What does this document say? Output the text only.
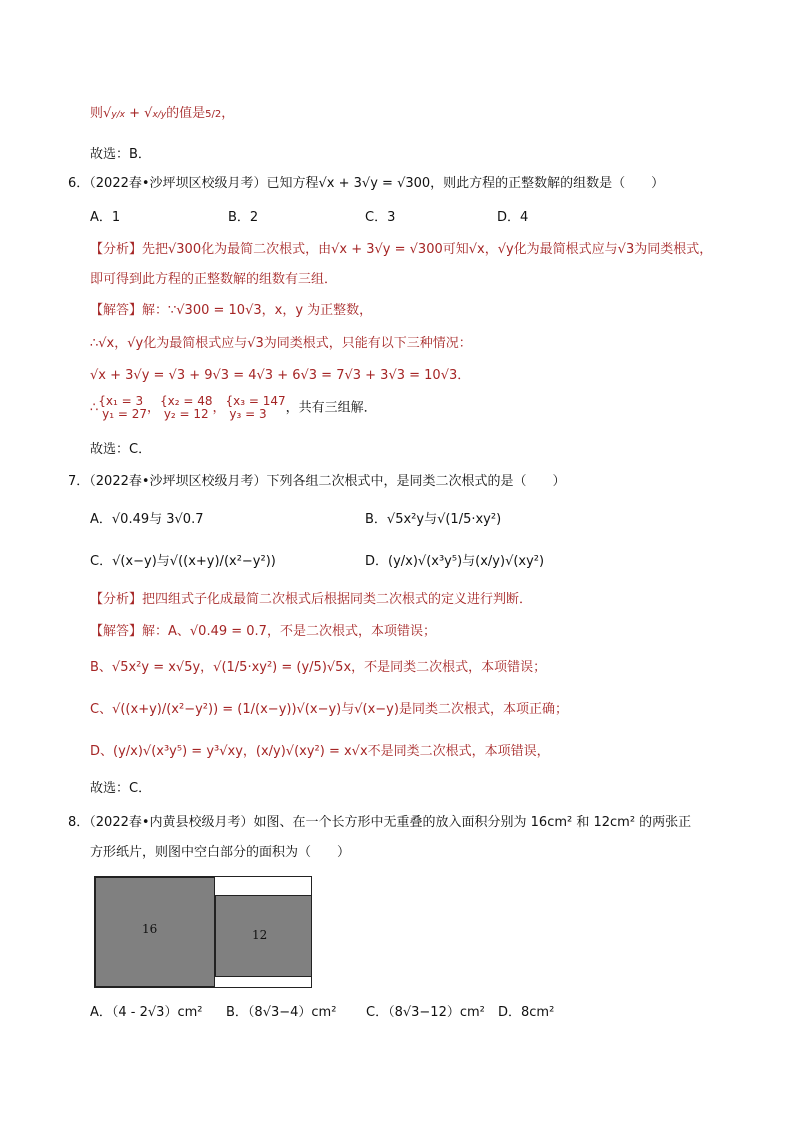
则√y/x + √x/y的值是5/2，
故选：B．
6．（2022春•沙坪坝区校级月考）已知方程√x + 3√y = √300，则此方程的正整数解的组数是（　　）
A．1	B．2	C．3	D．4
【分析】先把√300化为最简二次根式，由√x + 3√y = √300可知√x，√y化为最简根式应与√3为同类根式，
即可得到此方程的正整数解的组数有三组．
【解答】解：∵√300 = 10√3，x，y 为正整数，
∴√x，√y化为最简根式应与√3为同类根式，只能有以下三种情况：
√x + 3√y = √3 + 9√3 = 4√3 + 6√3 = 7√3 + 3√3 = 10√3．
∴{x₁ = 3
y₁ = 27，{x₂ = 48
y₂ = 12 ，{x₃ = 147
y₃ = 3 ，共有三组解．
故选：C．
7．（2022春•沙坪坝区校级月考）下列各组二次根式中，是同类二次根式的是（　　）
A．√0.49与 3√0.7	B．√5x²y与√(1/5·xy²)
C．√(x−y)与√((x+y)/(x²−y²))	D．(y/x)√(x³y⁵)与(x/y)√(xy²)
【分析】把四组式子化成最简二次根式后根据同类二次根式的定义进行判断．
【解答】解：A、√0.49 = 0.7，不是二次根式，本项错误；
B、√5x²y = x√5y，√(1/5·xy²) = (y/5)√5x，不是同类二次根式，本项错误；
C、√((x+y)/(x²−y²)) = (1/(x−y))√(x−y)与√(x−y)是同类二次根式，本项正确；
D、(y/x)√(x³y⁵) = y³√xy，(x/y)√(xy²) = x√x不是同类二次根式，本项错误，
故选：C．
8．（2022春•内黄县校级月考）如图、在一个长方形中无重叠的放入面积分别为 16cm² 和 12cm² 的两张正
方形纸片，则图中空白部分的面积为（　　）
16	12
A．（4 - 2√3）cm² B．（8√3−4）cm² C．（8√3−12）cm² D．8cm²
